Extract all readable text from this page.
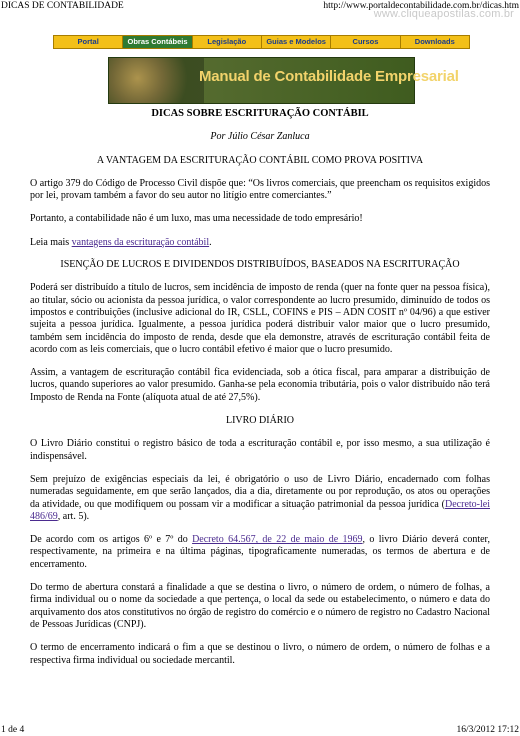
DICAS DE CONTABILIDADE	http://www.portaldecontabilidade.com.br/dicas.htm
www.cliqueapostilas.com.br
Portal	Obras Contábeis	Legislação	Guias e Modelos	Cursos	Downloads
Manual de Contabilidade Empresarial

DICAS SOBRE ESCRITURAÇÃO CONTÁBIL

Por Júlio César Zanluca

A VANTAGEM DA ESCRITURAÇÃO CONTÁBIL COMO PROVA POSITIVA

O artigo 379 do Código de Processo Civil dispõe que: “Os livros comerciais, que preencham os requisitos exigidos por lei, provam também a favor do seu autor no litígio entre comerciantes.”

Portanto, a contabilidade não é um luxo, mas uma necessidade de todo empresário!

Leia mais vantagens da escrituração contábil.

ISENÇÃO DE LUCROS E DIVIDENDOS DISTRIBUÍDOS, BASEADOS NA ESCRITURAÇÃO

Poderá ser distribuído a título de lucros, sem incidência de imposto de renda (quer na fonte quer na pessoa física), ao titular, sócio ou acionista da pessoa jurídica, o valor correspondente ao lucro presumido, diminuído de todos os impostos e contribuições (inclusive adicional do IR, CSLL, COFINS e PIS – ADN COSIT nº 04/96) a que estiver sujeita a pessoa jurídica. Igualmente, a pessoa jurídica poderá distribuir valor maior que o lucro presumido, também sem incidência do imposto de renda, desde que ela demonstre, através de escrituração contábil feita de acordo com as leis comerciais, que o lucro contábil efetivo é maior que o lucro presumido.

Assim, a vantagem de escrituração contábil fica evidenciada, sob a ótica fiscal, para amparar a distribuição de lucros, quando superiores ao valor presumido. Ganha-se pela economia tributária, pois o valor distribuído não terá Imposto de Renda na Fonte (alíquota atual de até 27,5%).

LIVRO DIÁRIO

O Livro Diário constitui o registro básico de toda a escrituração contábil e, por isso mesmo, a sua utilização é indispensável.

Sem prejuízo de exigências especiais da lei, é obrigatório o uso de Livro Diário, encadernado com folhas numeradas seguidamente, em que serão lançados, dia a dia, diretamente ou por reprodução, os atos ou operações da atividade, ou que modifiquem ou possam vir a modificar a situação patrimonial da pessoa jurídica (Decreto-lei 486/69, art. 5).

De acordo com os artigos 6º e 7º do Decreto 64.567, de 22 de maio de 1969, o livro Diário deverá conter, respectivamente, na primeira e na última páginas, tipograficamente numeradas, os termos de abertura e de encerramento.

Do termo de abertura constará a finalidade a que se destina o livro, o número de ordem, o número de folhas, a firma individual ou o nome da sociedade a que pertença, o local da sede ou estabelecimento, o número e data do arquivamento dos atos constitutivos no órgão de registro do comércio e o número de registro no Cadastro Nacional de Pessoas Jurídicas (CNPJ).

O termo de encerramento indicará o fim a que se destinou o livro, o número de ordem, o número de folhas e a respectiva firma individual ou sociedade mercantil.

1 de 4	16/3/2012 17:12
